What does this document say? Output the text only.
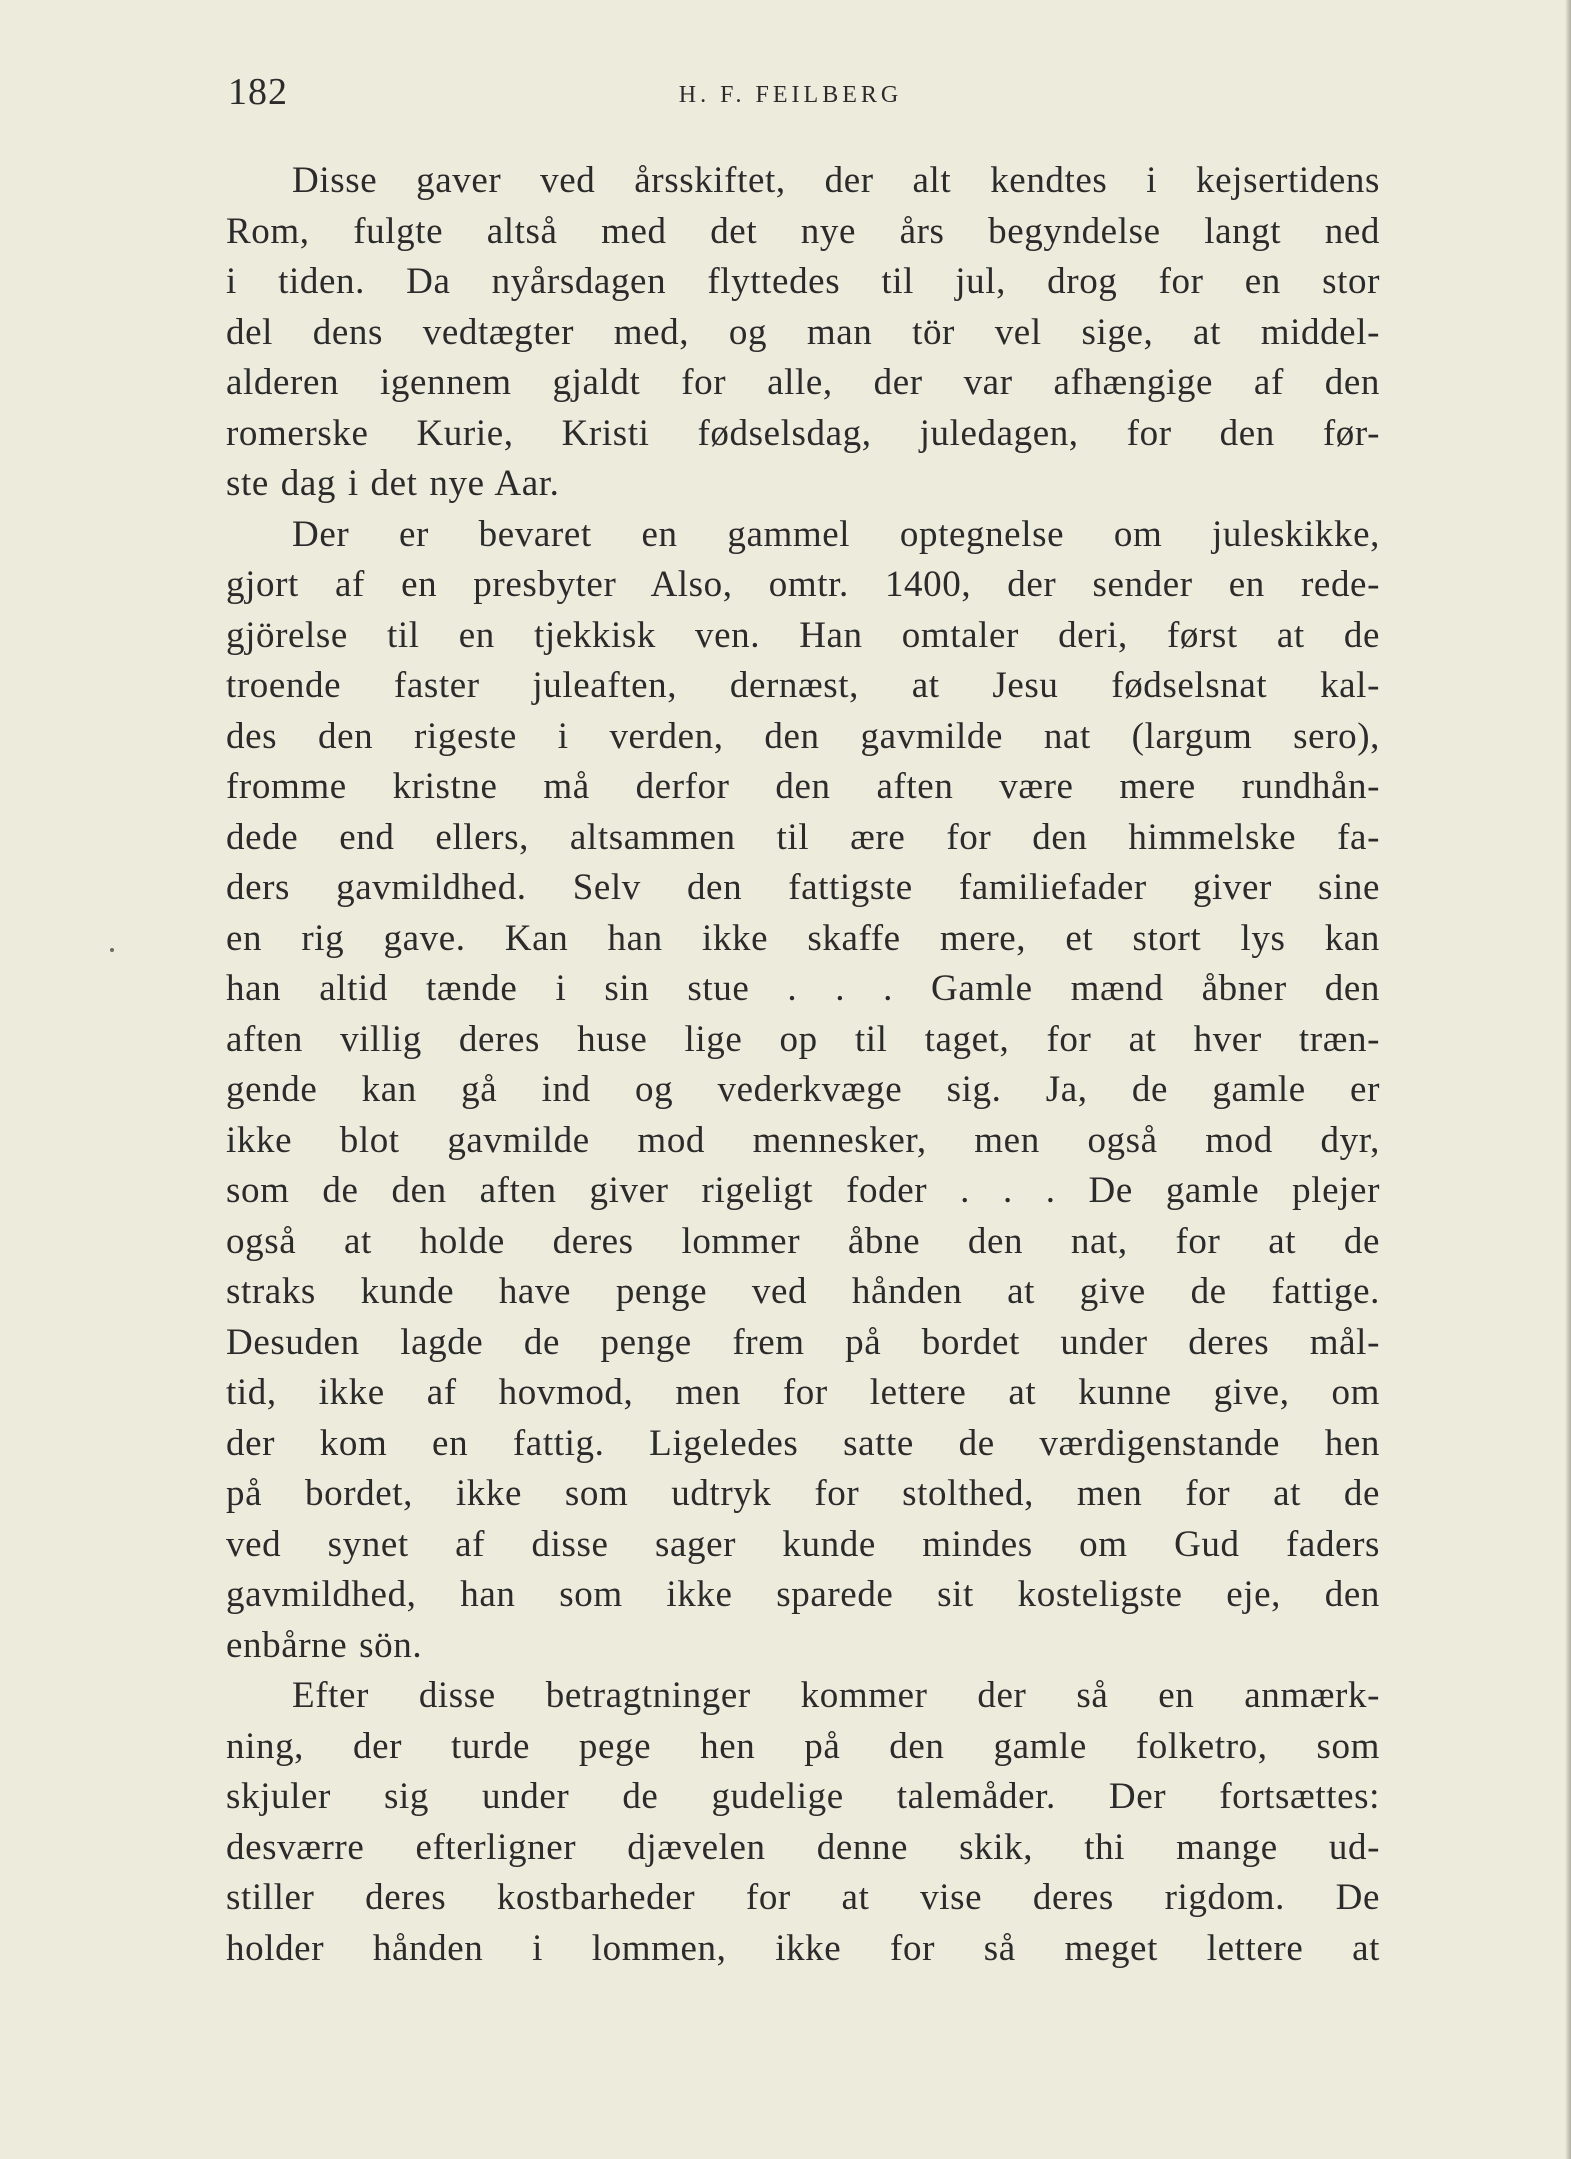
182	H. F. FEILBERG
Disse gaver ved årsskiftet, der alt kendtes i kejsertidens
Rom, fulgte altså med det nye års begyndelse langt ned
i tiden. Da nyårsdagen flyttedes til jul, drog for en stor
del dens vedtægter med, og man tör vel sige, at middel-
alderen igennem gjaldt for alle, der var afhængige af den
romerske Kurie, Kristi fødselsdag, juledagen, for den før-
ste dag i det nye Aar.
Der er bevaret en gammel optegnelse om juleskikke,
gjort af en presbyter Also, omtr. 1400, der sender en rede-
gjörelse til en tjekkisk ven. Han omtaler deri, først at de
troende faster juleaften, dernæst, at Jesu fødselsnat kal-
des den rigeste i verden, den gavmilde nat (largum sero),
fromme kristne må derfor den aften være mere rundhån-
dede end ellers, altsammen til ære for den himmelske fa-
ders gavmildhed. Selv den fattigste familiefader giver sine
en rig gave. Kan han ikke skaffe mere, et stort lys kan
han altid tænde i sin stue . . . Gamle mænd åbner den
aften villig deres huse lige op til taget, for at hver træn-
gende kan gå ind og vederkvæge sig. Ja, de gamle er
ikke blot gavmilde mod mennesker, men også mod dyr,
som de den aften giver rigeligt foder . . . De gamle plejer
også at holde deres lommer åbne den nat, for at de
straks kunde have penge ved hånden at give de fattige.
Desuden lagde de penge frem på bordet under deres mål-
tid, ikke af hovmod, men for lettere at kunne give, om
der kom en fattig. Ligeledes satte de værdigenstande hen
på bordet, ikke som udtryk for stolthed, men for at de
ved synet af disse sager kunde mindes om Gud faders
gavmildhed, han som ikke sparede sit kosteligste eje, den
enbårne sön.
Efter disse betragtninger kommer der så en anmærk-
ning, der turde pege hen på den gamle folketro, som
skjuler sig under de gudelige talemåder. Der fortsættes:
desværre efterligner djævelen denne skik, thi mange ud-
stiller deres kostbarheder for at vise deres rigdom. De
holder hånden i lommen, ikke for så meget lettere at
